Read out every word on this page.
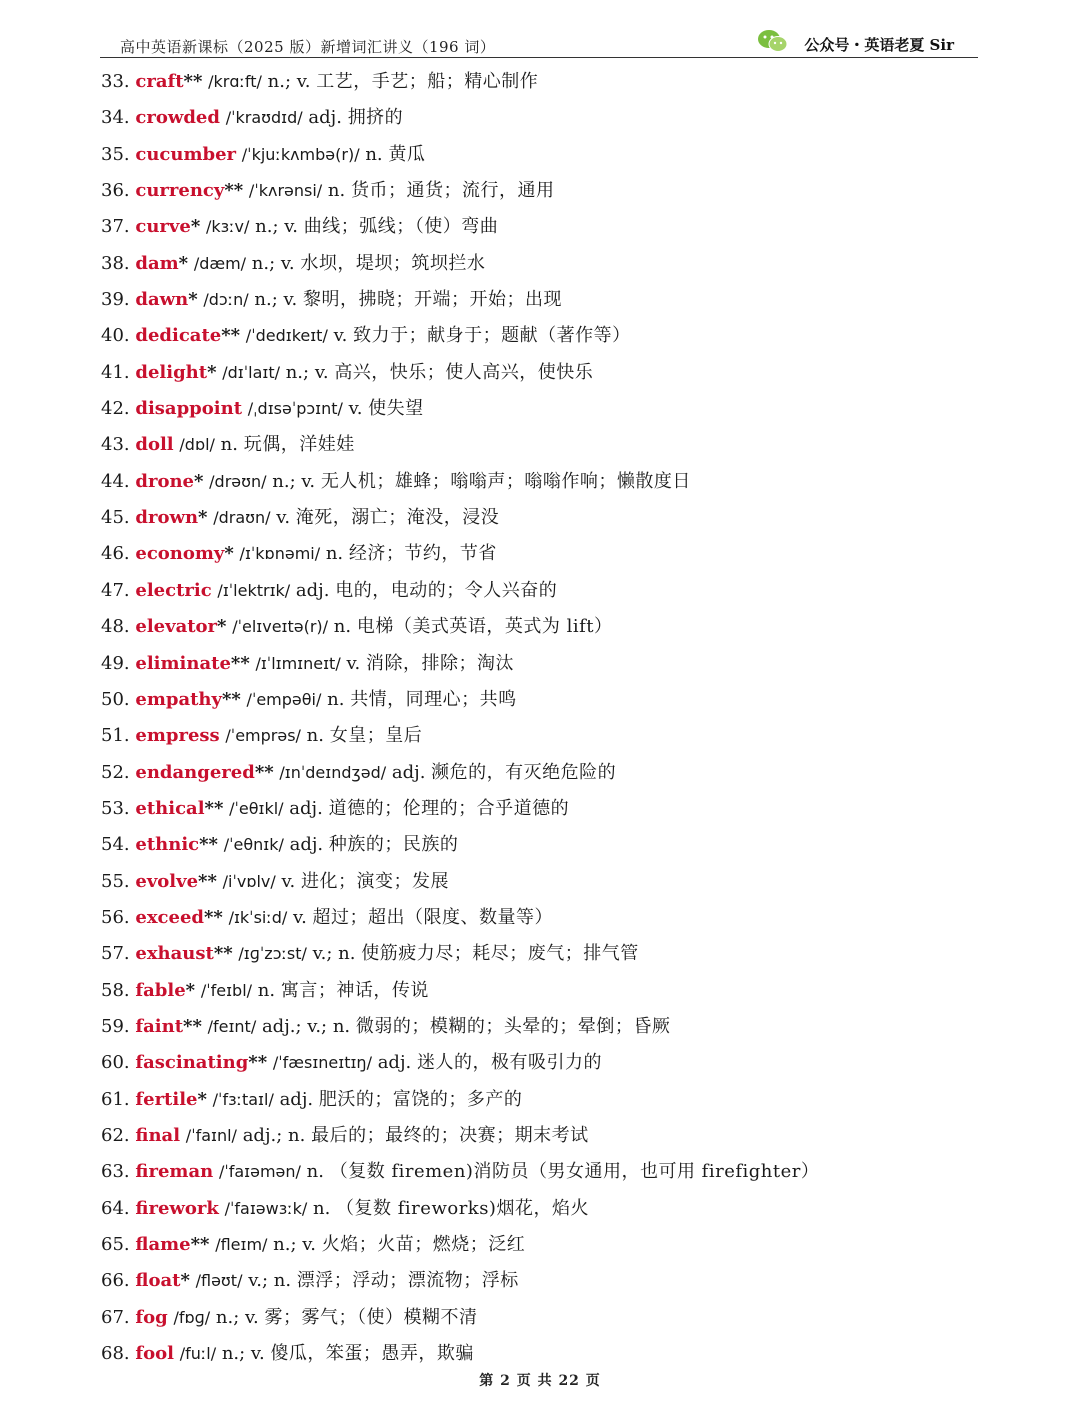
高中英语新课标（2025 版）新增词汇讲义（196 词）	公众号・英语老夏 Sir
33. craft** /krɑːft/ n.; v. 工艺，手艺；船；精心制作
34. crowded /ˈkraʊdɪd/ adj. 拥挤的
35. cucumber /ˈkjuːkʌmbə(r)/ n. 黄瓜
36. currency** /ˈkʌrənsi/ n. 货币；通货；流行，通用
37. curve* /kɜːv/ n.; v. 曲线；弧线；（使）弯曲
38. dam* /dæm/ n.; v. 水坝，堤坝；筑坝拦水
39. dawn* /dɔːn/ n.; v. 黎明，拂晓；开端；开始；出现
40. dedicate** /ˈdedɪkeɪt/ v. 致力于；献身于；题献（著作等）
41. delight* /dɪˈlaɪt/ n.; v. 高兴，快乐；使人高兴，使快乐
42. disappoint /ˌdɪsəˈpɔɪnt/ v. 使失望
43. doll /dɒl/ n. 玩偶，洋娃娃
44. drone* /drəʊn/ n.; v. 无人机；雄蜂；嗡嗡声；嗡嗡作响；懒散度日
45. drown* /draʊn/ v. 淹死，溺亡；淹没，浸没
46. economy* /ɪˈkɒnəmi/ n. 经济；节约，节省
47. electric /ɪˈlektrɪk/ adj. 电的，电动的；令人兴奋的
48. elevator* /ˈelɪveɪtə(r)/ n. 电梯（美式英语，英式为 lift）
49. eliminate** /ɪˈlɪmɪneɪt/ v. 消除，排除；淘汰
50. empathy** /ˈempəθi/ n. 共情，同理心；共鸣
51. empress /ˈemprəs/ n. 女皇；皇后
52. endangered** /ɪnˈdeɪndʒəd/ adj. 濒危的，有灭绝危险的
53. ethical** /ˈeθɪkl/ adj. 道德的；伦理的；合乎道德的
54. ethnic** /ˈeθnɪk/ adj. 种族的；民族的
55. evolve** /iˈvɒlv/ v. 进化；演变；发展
56. exceed** /ɪkˈsiːd/ v. 超过；超出（限度、数量等）
57. exhaust** /ɪɡˈzɔːst/ v.; n. 使筋疲力尽；耗尽；废气；排气管
58. fable* /ˈfeɪbl/ n. 寓言；神话，传说
59. faint** /feɪnt/ adj.; v.; n. 微弱的；模糊的；头晕的；晕倒；昏厥
60. fascinating** /ˈfæsɪneɪtɪŋ/ adj. 迷人的，极有吸引力的
61. fertile* /ˈfɜːtaɪl/ adj. 肥沃的；富饶的；多产的
62. final /ˈfaɪnl/ adj.; n. 最后的；最终的；决赛；期末考试
63. fireman /ˈfaɪəmən/ n. （复数 firemen)消防员（男女通用，也可用 firefighter）
64. firework /ˈfaɪəwɜːk/ n. （复数 fireworks)烟花，焰火
65. flame** /fleɪm/ n.; v. 火焰；火苗；燃烧；泛红
66. float* /fləʊt/ v.; n. 漂浮；浮动；漂流物；浮标
67. fog /fɒɡ/ n.; v. 雾；雾气；（使）模糊不清
68. fool /fuːl/ n.; v. 傻瓜，笨蛋；愚弄，欺骗
第 2 页 共 22 页
